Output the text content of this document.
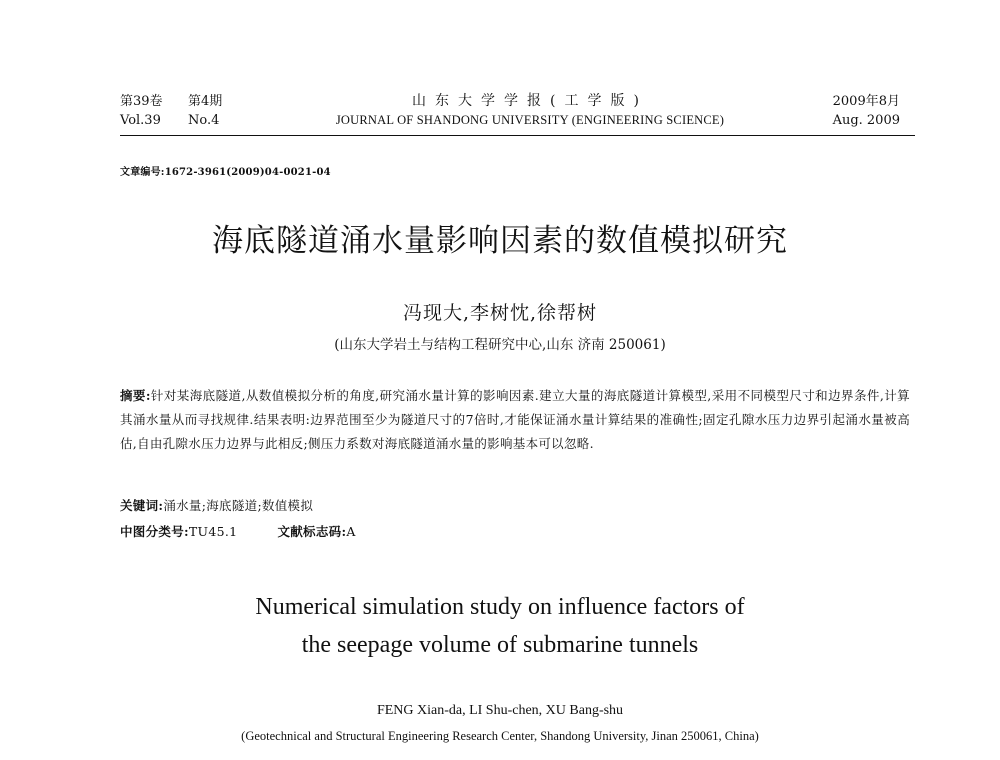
第39卷	第4期
Vol.39	No.4
山东大学学报(工学版)
JOURNAL OF SHANDONG UNIVERSITY (ENGINEERING SCIENCE)
2009年8月
Aug. 2009
文章编号:1672-3961(2009)04-0021-04
海底隧道涌水量影响因素的数值模拟研究
冯现大,李树忱,徐帮树
(山东大学岩土与结构工程研究中心,山东 济南 250061)
摘要:针对某海底隧道,从数值模拟分析的角度,研究涌水量计算的影响因素.建立大量的海底隧道计算模型,采用不同模型尺寸和边界条件,计算其涌水量从而寻找规律.结果表明:边界范围至少为隧道尺寸的7倍时,才能保证涌水量计算结果的准确性;固定孔隙水压力边界引起涌水量被高估,自由孔隙水压力边界与此相反;侧压力系数对海底隧道涌水量的影响基本可以忽略.
关键词:涌水量;海底隧道;数值模拟
中图分类号:TU45.1	文献标志码:A
Numerical simulation study on influence factors of
the seepage volume of submarine tunnels
FENG Xian-da, LI Shu-chen, XU Bang-shu
(Geotechnical and Structural Engineering Research Center, Shandong University, Jinan 250061, China)
